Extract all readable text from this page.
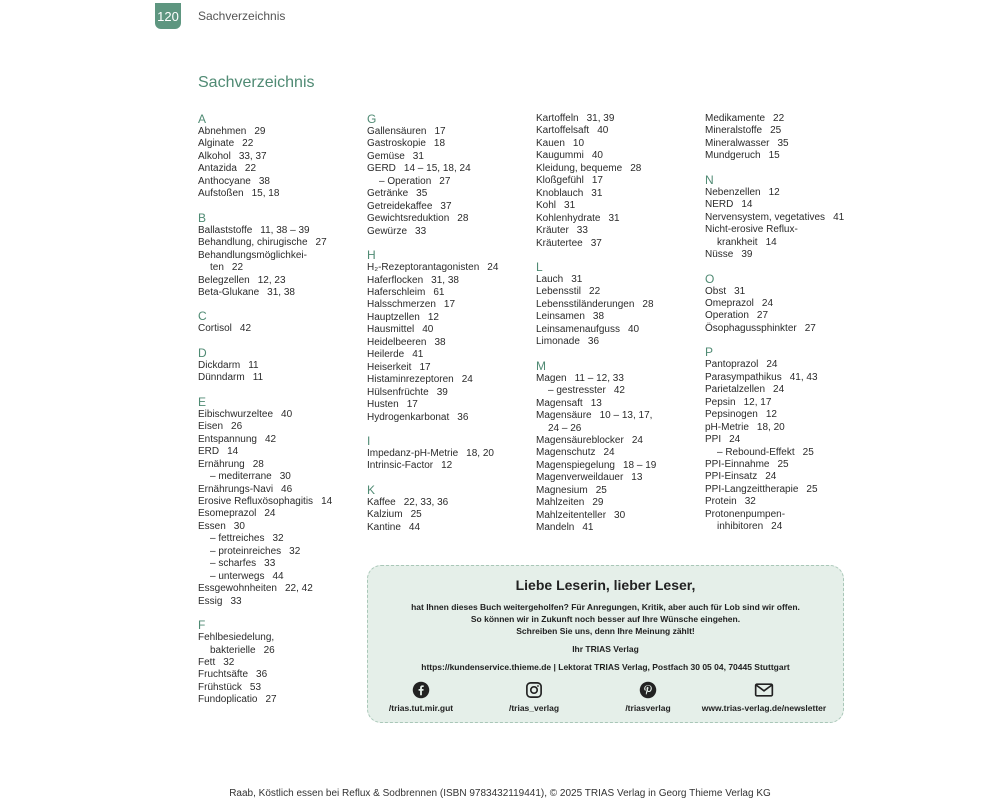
120 Sachverzeichnis
Sachverzeichnis
A
Abnehmen 29
Alginate 22
Alkohol 33, 37
Antazida 22
Anthocyane 38
Aufstoßen 15, 18
B
Ballaststoffe 11, 38 – 39
Behandlung, chirugische 27
Behandlungsmöglichkei-
ten 22
Belegzellen 12, 23
Beta-Glukane 31, 38
C
Cortisol 42
D
Dickdarm 11
Dünndarm 11
E
Eibischwurzeltee 40
Eisen 26
Entspannung 42
ERD 14
Ernährung 28
– mediterrane 30
Ernährungs-Navi 46
Erosive Refluxösophagitis 14
Esomeprazol 24
Essen 30
– fettreiches 32
– proteinreiches 32
– scharfes 33
– unterwegs 44
Essgewohnheiten 22, 42
Essig 33
F
Fehlbesiedelung,
bakterielle 26
Fett 32
Fruchtsäfte 36
Frühstück 53
Fundoplicatio 27
G
Gallensäuren 17
Gastroskopie 18
Gemüse 31
GERD 14 – 15, 18, 24
– Operation 27
Getränke 35
Getreidekaffee 37
Gewichtsreduktion 28
Gewürze 33
H
H₂-Rezeptorantagonisten 24
Haferflocken 31, 38
Haferschleim 61
Halsschmerzen 17
Hauptzellen 12
Hausmittel 40
Heidelbeeren 38
Heilerde 41
Heiserkeit 17
Histaminrezeptoren 24
Hülsenfrüchte 39
Husten 17
Hydrogenkarbonat 36
I
Impedanz-pH-Metrie 18, 20
Intrinsic-Factor 12
K
Kaffee 22, 33, 36
Kalzium 25
Kantine 44
Kartoffeln 31, 39
Kartoffelsaft 40
Kauen 10
Kaugummi 40
Kleidung, bequeme 28
Kloßgefühl 17
Knoblauch 31
Kohl 31
Kohlenhydrate 31
Kräuter 33
Kräutertee 37
L
Lauch 31
Lebensstil 22
Lebensstiländerungen 28
Leinsamen 38
Leinsamenaufguss 40
Limonade 36
M
Magen 11 – 12, 33
– gestresster 42
Magensaft 13
Magensäure 10 – 13, 17,
24 – 26
Magensäureblocker 24
Magenschutz 24
Magenspiegelung 18 – 19
Magenverweildauer 13
Magnesium 25
Mahlzeiten 29
Mahlzeitenteller 30
Mandeln 41
Medikamente 22
Mineralstoffe 25
Mineralwasser 35
Mundgeruch 15
N
Nebenzellen 12
NERD 14
Nervensystem, vegetatives 41
Nicht-erosive Reflux-
krankheit 14
Nüsse 39
O
Obst 31
Omeprazol 24
Operation 27
Ösophagussphinkter 27
P
Pantoprazol 24
Parasympathikus 41, 43
Parietalzellen 24
Pepsin 12, 17
Pepsinogen 12
pH-Metrie 18, 20
PPI 24
– Rebound-Effekt 25
PPI-Einnahme 25
PPI-Einsatz 24
PPI-Langzeittherapie 25
Protein 32
Protonenpumpen-
inhibitoren 24
Liebe Leserin, lieber Leser,
hat Ihnen dieses Buch weitergeholfen? Für Anregungen, Kritik, aber auch für Lob sind wir offen.
So können wir in Zukunft noch besser auf Ihre Wünsche eingehen.
Schreiben Sie uns, denn Ihre Meinung zählt!
Ihr TRIAS Verlag
https://kundenservice.thieme.de | Lektorat TRIAS Verlag, Postfach 30 05 04, 70445 Stuttgart
/trias.tut.mir.gut	/trias_verlag	/triasverlag	www.trias-verlag.de/newsletter
Raab, Köstlich essen bei Reflux & Sodbrennen (ISBN 9783432119441), © 2025 TRIAS Verlag in Georg Thieme Verlag KG
